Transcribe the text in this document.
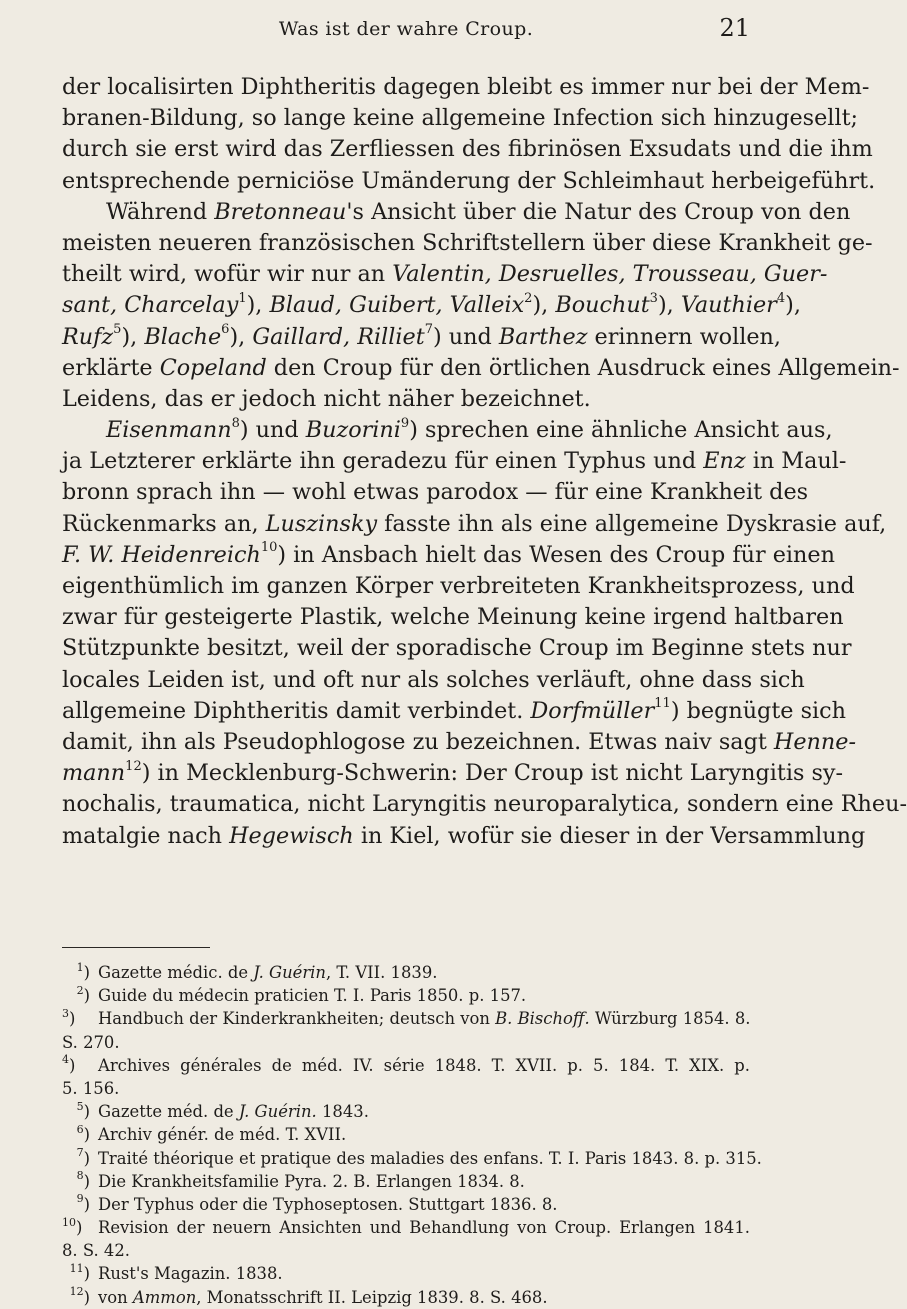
Was ist der wahre Croup.	21
der localisirten Diphtheritis dagegen bleibt es immer nur bei der Mem-
branen-Bildung, so lange keine allgemeine Infection sich hinzugesellt;
durch sie erst wird das Zerfliessen des fibrinösen Exsudats und die ihm
entsprechende perniciöse Umänderung der Schleimhaut herbeigeführt.
Während Bretonneau's Ansicht über die Natur des Croup von den
meisten neueren französischen Schriftstellern über diese Krankheit ge-
theilt wird, wofür wir nur an Valentin, Desruelles, Trousseau, Guer-
sant, Charcelay$^1$), Blaud, Guibert, Valleix$^2$), Bouchut$^3$), Vauthier$^4$),
Rufz$^5$), Blache$^6$), Gaillard, Rilliet$^7$) und Barthez erinnern wollen,
erklärte Copeland den Croup für den örtlichen Ausdruck eines Allgemein-
Leidens, das er jedoch nicht näher bezeichnet.
Eisenmann$^8$) und Buzorini$^9$) sprechen eine ähnliche Ansicht aus,
ja Letzterer erklärte ihn geradezu für einen Typhus und Enz in Maul-
bronn sprach ihn — wohl etwas parodox — für eine Krankheit des
Rückenmarks an, Luszinsky fasste ihn als eine allgemeine Dyskrasie auf,
F. W. Heidenreich$^{10}$) in Ansbach hielt das Wesen des Croup für einen
eigenthümlich im ganzen Körper verbreiteten Krankheitsprozess, und
zwar für gesteigerte Plastik, welche Meinung keine irgend haltbaren
Stützpunkte besitzt, weil der sporadische Croup im Beginne stets nur
locales Leiden ist, und oft nur als solches verläuft, ohne dass sich
allgemeine Diphtheritis damit verbindet. Dorfmüller$^{11}$) begnügte sich
damit, ihn als Pseudophlogose zu bezeichnen. Etwas naiv sagt Henne-
mann$^{12}$) in Mecklenburg-Schwerin: Der Croup ist nicht Laryngitis sy-
nochalis, traumatica, nicht Laryngitis neuroparalytica, sondern eine Rheu-
matalgie nach Hegewisch in Kiel, wofür sie dieser in der Versammlung
$^1$) Gazette médic. de J. Guérin, T. VII. 1839.
$^2$) Guide du médecin praticien T. I. Paris 1850. p. 157.
$^3$) Handbuch der Kinderkrankheiten; deutsch von B. Bischoff. Würzburg 1854. 8.
S. 270.
$^4$) Archives générales de méd. IV. série 1848. T. XVII. p. 5. 184. T. XIX. p.
5. 156.
$^5$) Gazette méd. de J. Guérin. 1843.
$^6$) Archiv génér. de méd. T. XVII.
$^7$) Traité théorique et pratique des maladies des enfans. T. I. Paris 1843. 8. p. 315.
$^8$) Die Krankheitsfamilie Pyra. 2. B. Erlangen 1834. 8.
$^9$) Der Typhus oder die Typhoseptosen. Stuttgart 1836. 8.
$^{10}$) Revision der neuern Ansichten und Behandlung von Croup. Erlangen 1841.
8. S. 42.
$^{11}$) Rust's Magazin. 1838.
$^{12}$) von Ammon, Monatsschrift II. Leipzig 1839. 8. S. 468.
